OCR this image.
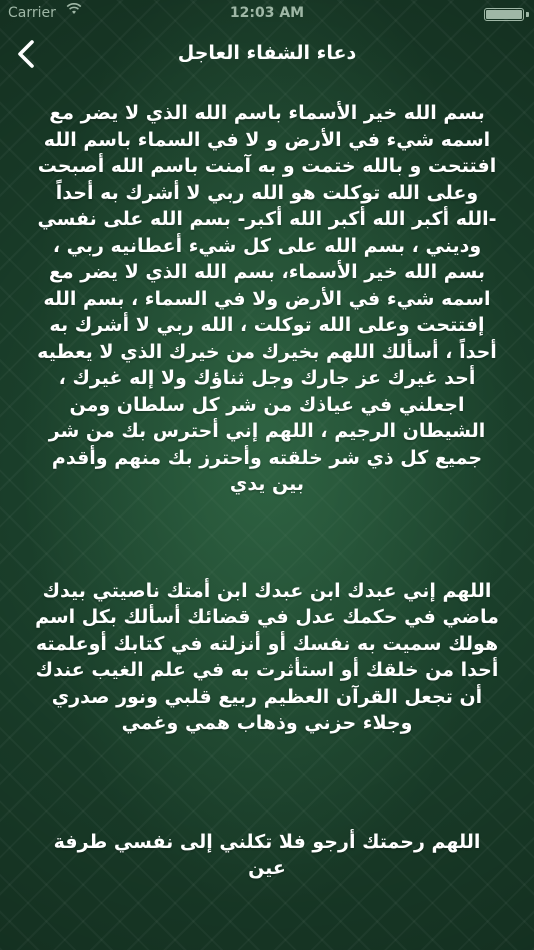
Carrier	12:03 AM
دعاء الشفاء العاجل

بسم الله خير الأسماء باسم الله الذي لا يضر مع اسمه شيء في الأرض و لا في السماء باسم الله افتتحت و بالله ختمت و به آمنت باسم الله أصبحت وعلى الله توكلت هو الله ربي لا أشرك به أحداً -الله أكبر الله أكبر الله أكبر- بسم الله على نفسي وديني ، بسم الله على كل شيء أعطانيه ربي ، بسم الله خير الأسماء، بسم الله الذي لا يضر مع اسمه شيء في الأرض ولا في السماء ، بسم الله إفتتحت وعلى الله توكلت ، الله ربي لا أشرك به أحداً ، أسألك اللهم بخيرك من خيرك الذي لا يعطيه أحد غيرك عز جارك وجل ثناؤك ولا إله غيرك ، اجعلني في عياذك من شر كل سلطان ومن الشيطان الرجيم ، اللهم إني أحترس بك من شر جميع كل ذي شر خلقته وأحترز بك منهم وأقدم بين يدي

اللهم إني عبدك ابن عبدك ابن أمتك ناصيتي بيدك ماضي في حكمك عدل في قضائك أسألك بكل اسم هولك سميت به نفسك أو أنزلته في كتابك أوعلمته أحدا من خلقك أو استأثرت به في علم الغيب عندك أن تجعل القرآن العظيم ربيع قلبي ونور صدري وجلاء حزني وذهاب همي وغمي

اللهم رحمتك أرجو فلا تكلني إلى نفسي طرفة عين
